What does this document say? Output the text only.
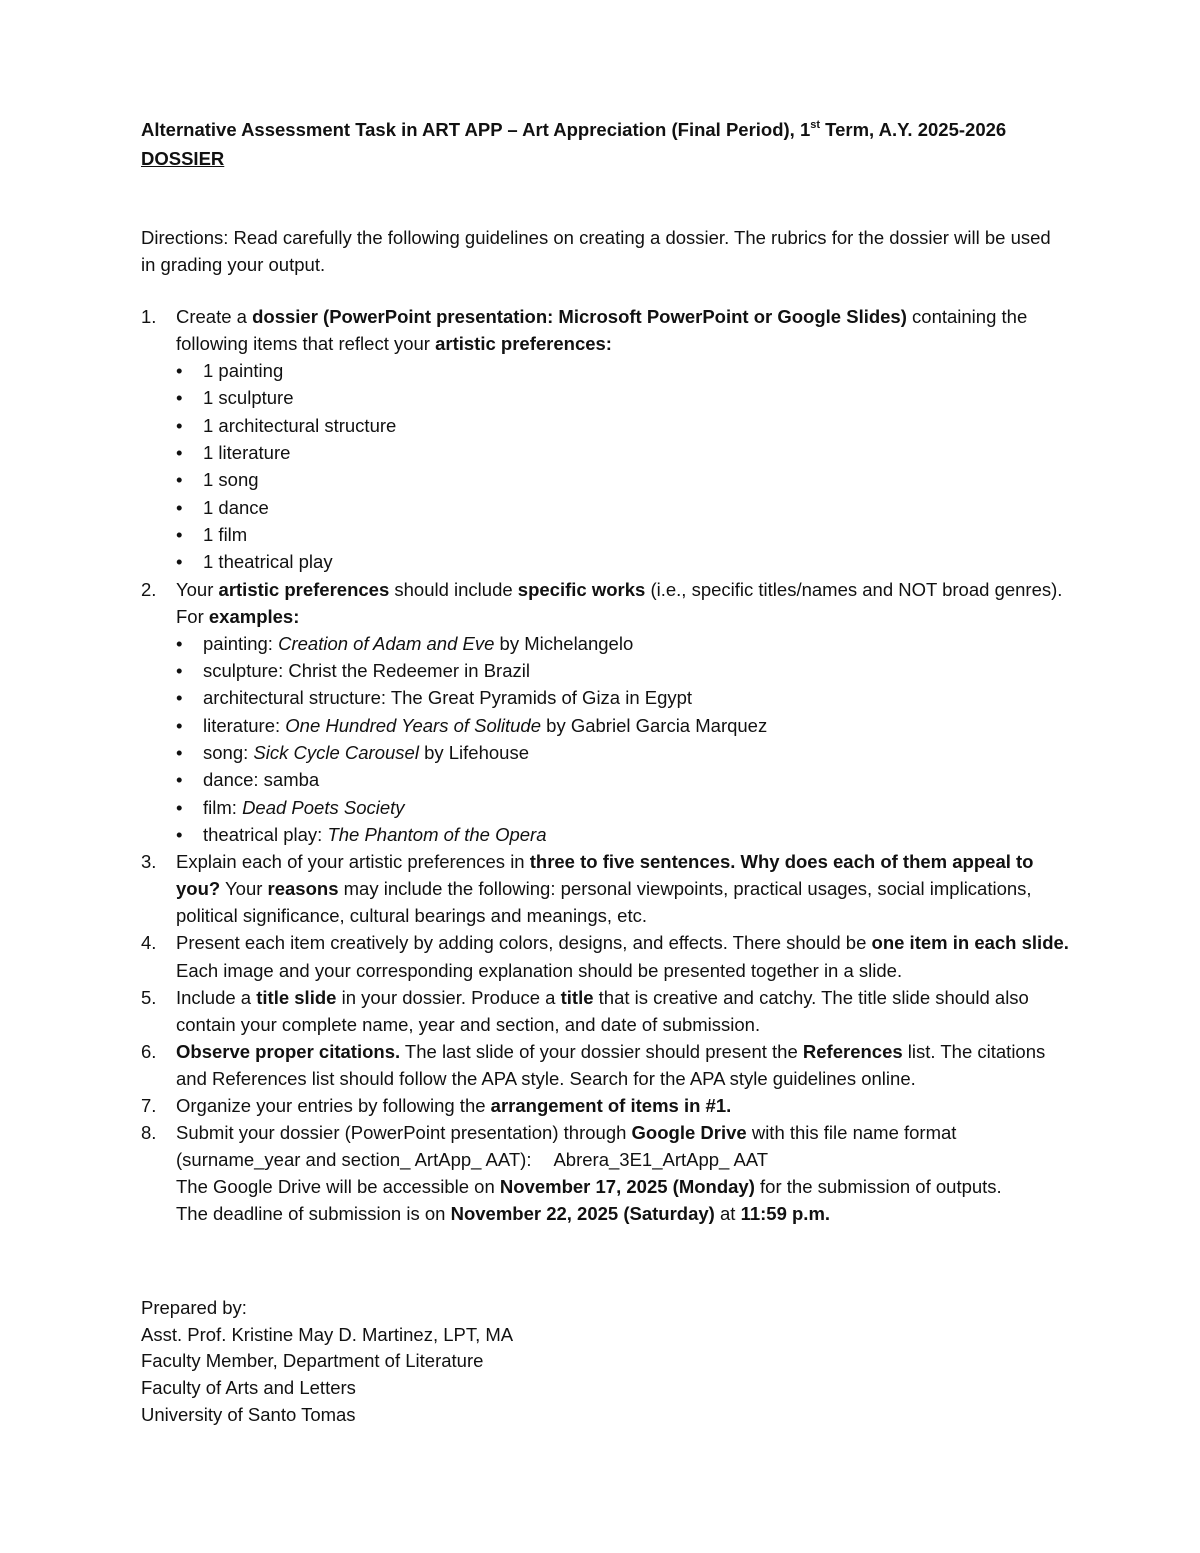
Alternative Assessment Task in ART APP – Art Appreciation (Final Period), 1st Term, A.Y. 2025-2026
DOSSIER
Directions: Read carefully the following guidelines on creating a dossier. The rubrics for the dossier will be used in grading your output.
1. Create a dossier (PowerPoint presentation: Microsoft PowerPoint or Google Slides) containing the following items that reflect your artistic preferences:
• 1 painting
• 1 sculpture
• 1 architectural structure
• 1 literature
• 1 song
• 1 dance
• 1 film
• 1 theatrical play
2. Your artistic preferences should include specific works (i.e., specific titles/names and NOT broad genres). For examples:
• painting: Creation of Adam and Eve by Michelangelo
• sculpture: Christ the Redeemer in Brazil
• architectural structure: The Great Pyramids of Giza in Egypt
• literature: One Hundred Years of Solitude by Gabriel Garcia Marquez
• song: Sick Cycle Carousel by Lifehouse
• dance: samba
• film: Dead Poets Society
• theatrical play: The Phantom of the Opera
3. Explain each of your artistic preferences in three to five sentences. Why does each of them appeal to you? Your reasons may include the following: personal viewpoints, practical usages, social implications, political significance, cultural bearings and meanings, etc.
4. Present each item creatively by adding colors, designs, and effects. There should be one item in each slide. Each image and your corresponding explanation should be presented together in a slide.
5. Include a title slide in your dossier. Produce a title that is creative and catchy. The title slide should also contain your complete name, year and section, and date of submission.
6. Observe proper citations. The last slide of your dossier should present the References list. The citations and References list should follow the APA style. Search for the APA style guidelines online.
7. Organize your entries by following the arrangement of items in #1.
8. Submit your dossier (PowerPoint presentation) through Google Drive with this file name format (surname_year and section_ ArtApp_ AAT): Abrera_3E1_ArtApp_ AAT
The Google Drive will be accessible on November 17, 2025 (Monday) for the submission of outputs.
The deadline of submission is on November 22, 2025 (Saturday) at 11:59 p.m.
Prepared by:
Asst. Prof. Kristine May D. Martinez, LPT, MA
Faculty Member, Department of Literature
Faculty of Arts and Letters
University of Santo Tomas
